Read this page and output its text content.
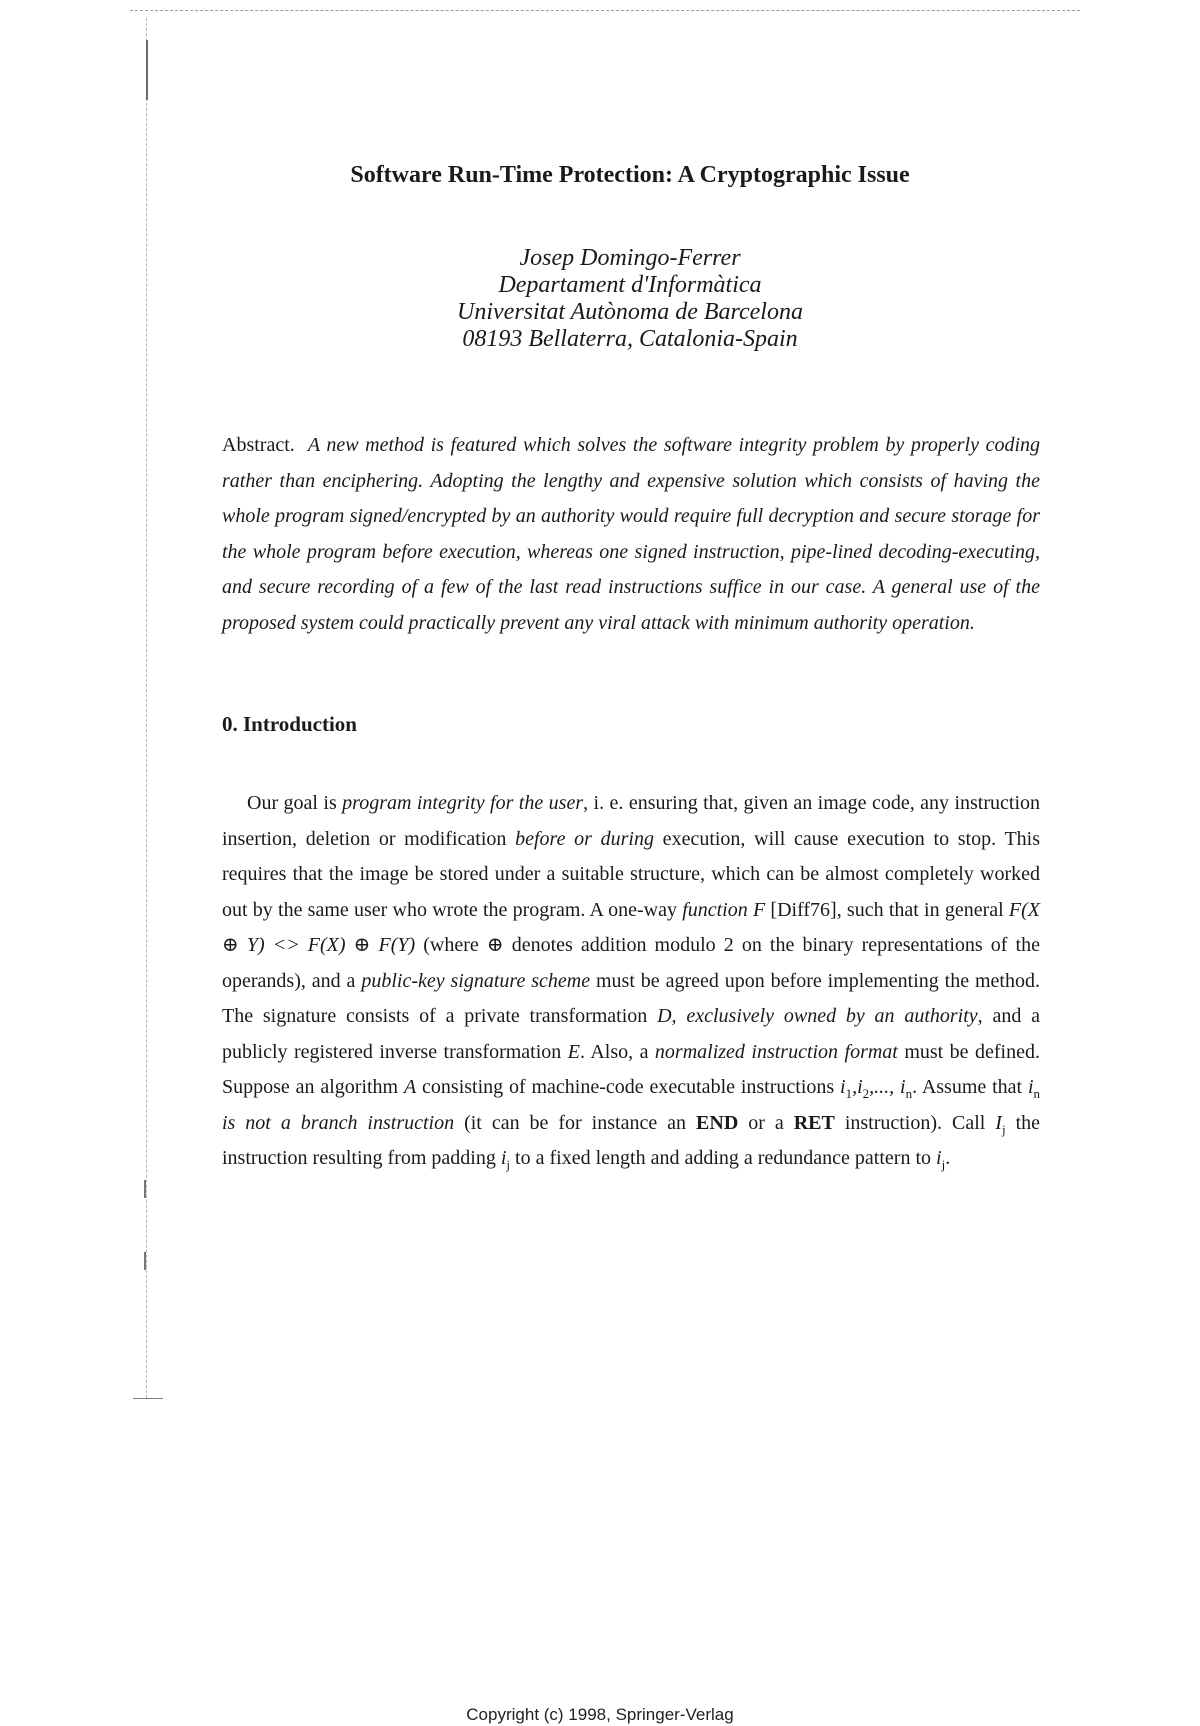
Software Run-Time Protection: A Cryptographic Issue
Josep Domingo-Ferrer
Departament d'Informàtica
Universitat Autònoma de Barcelona
08193 Bellaterra, Catalonia-Spain
Abstract. A new method is featured which solves the software integrity problem by properly coding rather than enciphering. Adopting the lengthy and expensive solution which consists of having the whole program signed/encrypted by an authority would require full decryption and secure storage for the whole program before execution, whereas one signed instruction, pipe-lined decoding-executing, and secure recording of a few of the last read instructions suffice in our case. A general use of the proposed system could practically prevent any viral attack with minimum authority operation.
0. Introduction
Our goal is program integrity for the user, i. e. ensuring that, given an image code, any instruction insertion, deletion or modification before or during execution, will cause execution to stop. This requires that the image be stored under a suitable structure, which can be almost completely worked out by the same user who wrote the program. A one-way function F [Diff76], such that in general F(X ⊕ Y) <> F(X) ⊕ F(Y) (where ⊕ denotes addition modulo 2 on the binary representations of the operands), and a public-key signature scheme must be agreed upon before implementing the method. The signature consists of a private transformation D, exclusively owned by an authority, and a publicly registered inverse transformation E. Also, a normalized instruction format must be defined. Suppose an algorithm A consisting of machine-code executable instructions $i_1,i_2$,..., $i_n$. Assume that $i_n$ is not a branch instruction (it can be for instance an END or a RET instruction). Call $I_j$ the instruction resulting from padding $i_j$ to a fixed length and adding a redundance pattern to $i_j$.
Copyright (c) 1998, Springer-Verlag
